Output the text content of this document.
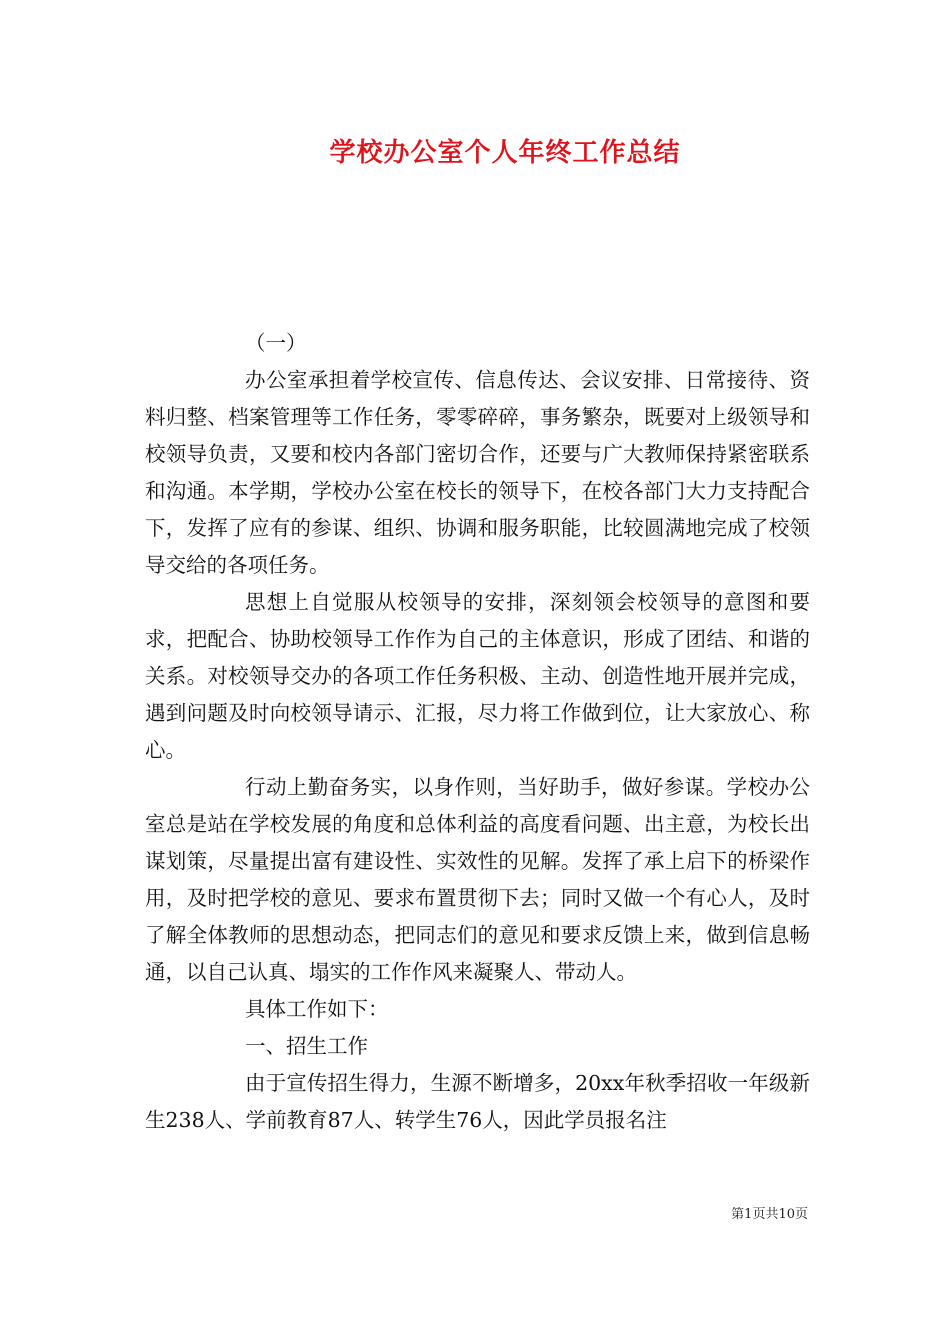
学校办公室个人年终工作总结

（一）

办公室承担着学校宣传、信息传达、会议安排、日常接待、资料归整、档案管理等工作任务，零零碎碎，事务繁杂，既要对上级领导和校领导负责，又要和校内各部门密切合作，还要与广大教师保持紧密联系和沟通。本学期，学校办公室在校长的领导下，在校各部门大力支持配合下，发挥了应有的参谋、组织、协调和服务职能，比较圆满地完成了校领导交给的各项任务。

思想上自觉服从校领导的安排，深刻领会校领导的意图和要求，把配合、协助校领导工作作为自己的主体意识，形成了团结、和谐的关系。对校领导交办的各项工作任务积极、主动、创造性地开展并完成，遇到问题及时向校领导请示、汇报，尽力将工作做到位，让大家放心、称心。

行动上勤奋务实，以身作则，当好助手，做好参谋。学校办公室总是站在学校发展的角度和总体利益的高度看问题、出主意，为校长出谋划策，尽量提出富有建设性、实效性的见解。发挥了承上启下的桥梁作用，及时把学校的意见、要求布置贯彻下去；同时又做一个有心人，及时了解全体教师的思想动态，把同志们的意见和要求反馈上来，做到信息畅通，以自己认真、塌实的工作作风来凝聚人、带动人。

具体工作如下：

一、招生工作

由于宣传招生得力，生源不断增多，20xx年秋季招收一年级新生238人、学前教育87人、转学生76人，因此学员报名注

第1页共10页
